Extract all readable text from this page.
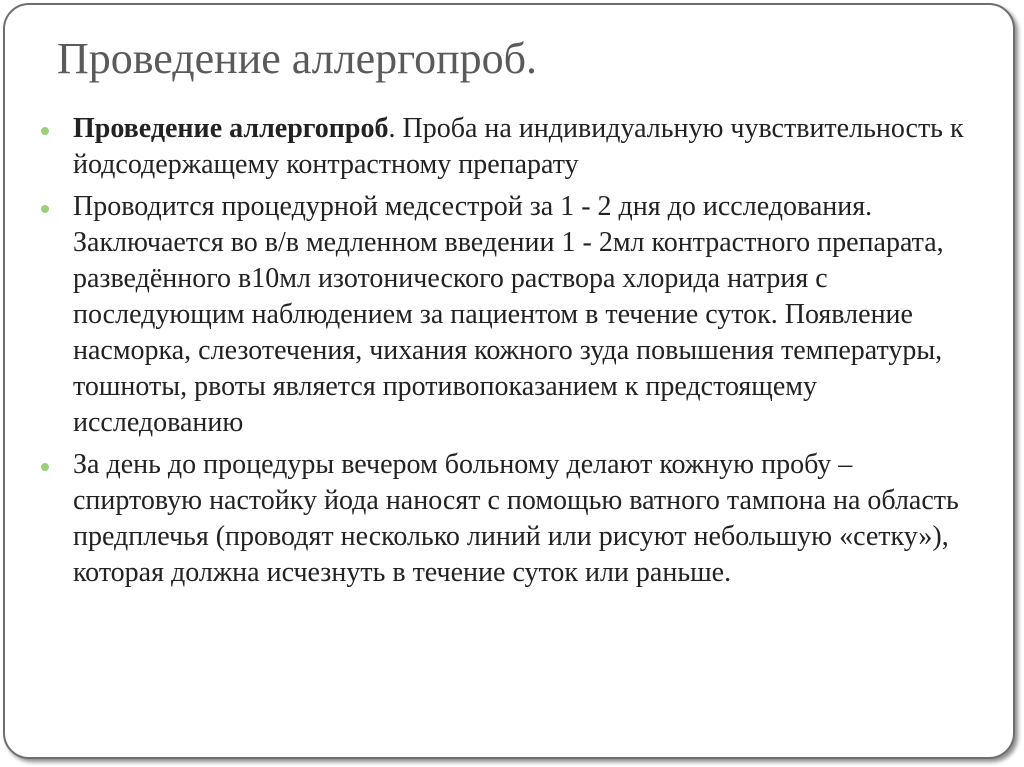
Проведение аллергопроб.
Проведение аллергопроб. Проба на индивидуальную чувствительность к йодсодержащему контрастному препарату
Проводится процедурной медсестрой за 1 - 2 дня до исследования. Заключается во в/в медленном введении 1 - 2мл контрастного препарата, разведённого в10мл изотонического раствора хлорида натрия с последующим наблюдением за пациентом в течение суток. Появление насморка, слезотечения, чихания кожного зуда повышения температуры, тошноты, рвоты является противопоказанием к предстоящему исследованию
За день до процедуры вечером больному делают кожную пробу – спиртовую настойку йода наносят с помощью ватного тампона на область предплечья (проводят несколько линий или рисуют небольшую «сетку»), которая должна исчезнуть в течение суток или раньше.
